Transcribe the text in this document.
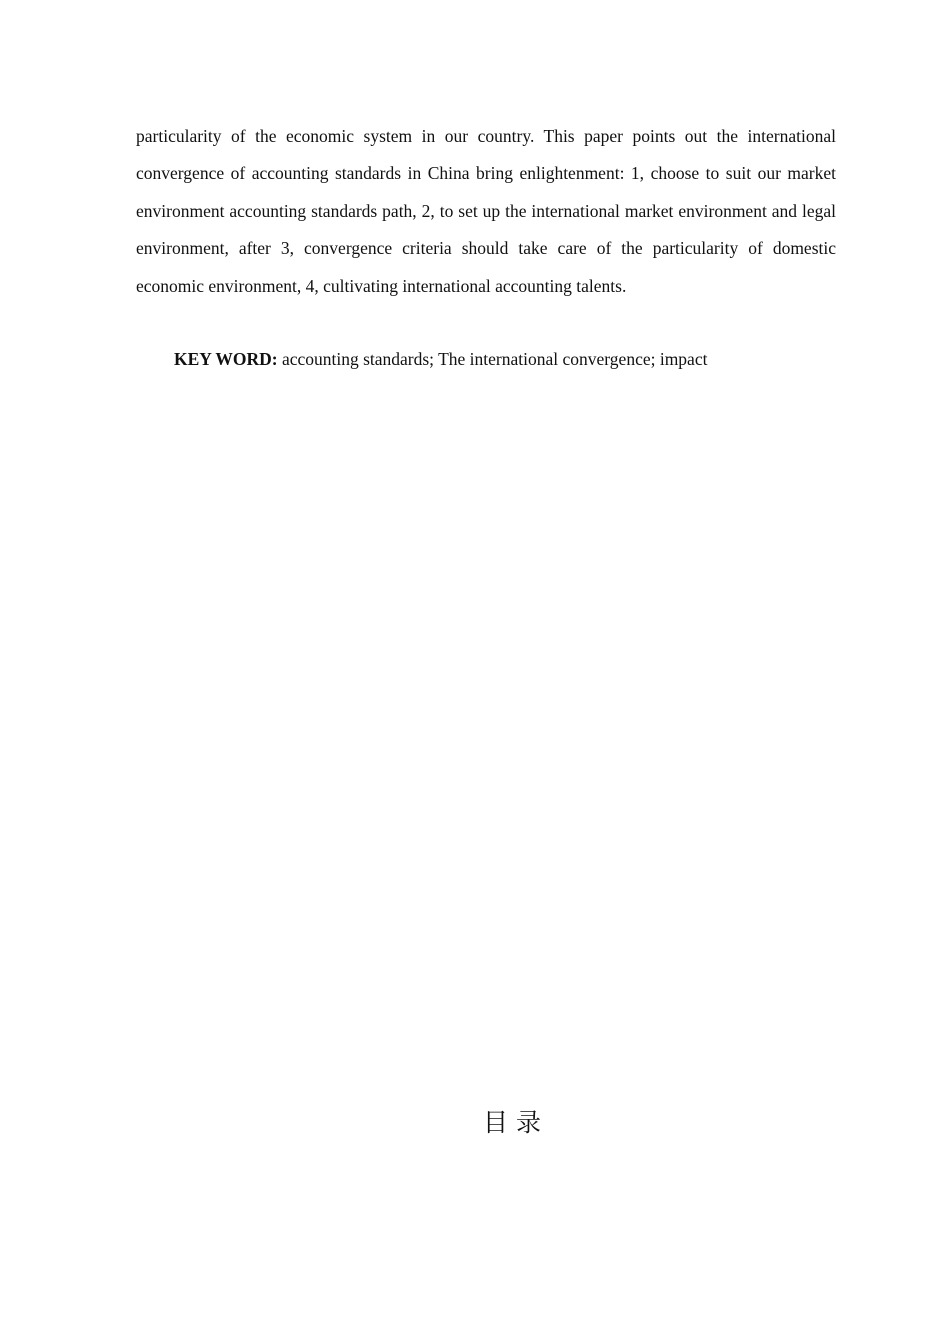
particularity of the economic system in our country. This paper points out the international convergence of accounting standards in China bring enlightenment: 1, choose to suit our market environment accounting standards path, 2, to set up the international market environment and legal environment, after 3, convergence criteria should take care of the particularity of domestic economic environment, 4, cultivating international accounting talents.

KEY WORD: accounting standards; The international convergence; impact

目 录
